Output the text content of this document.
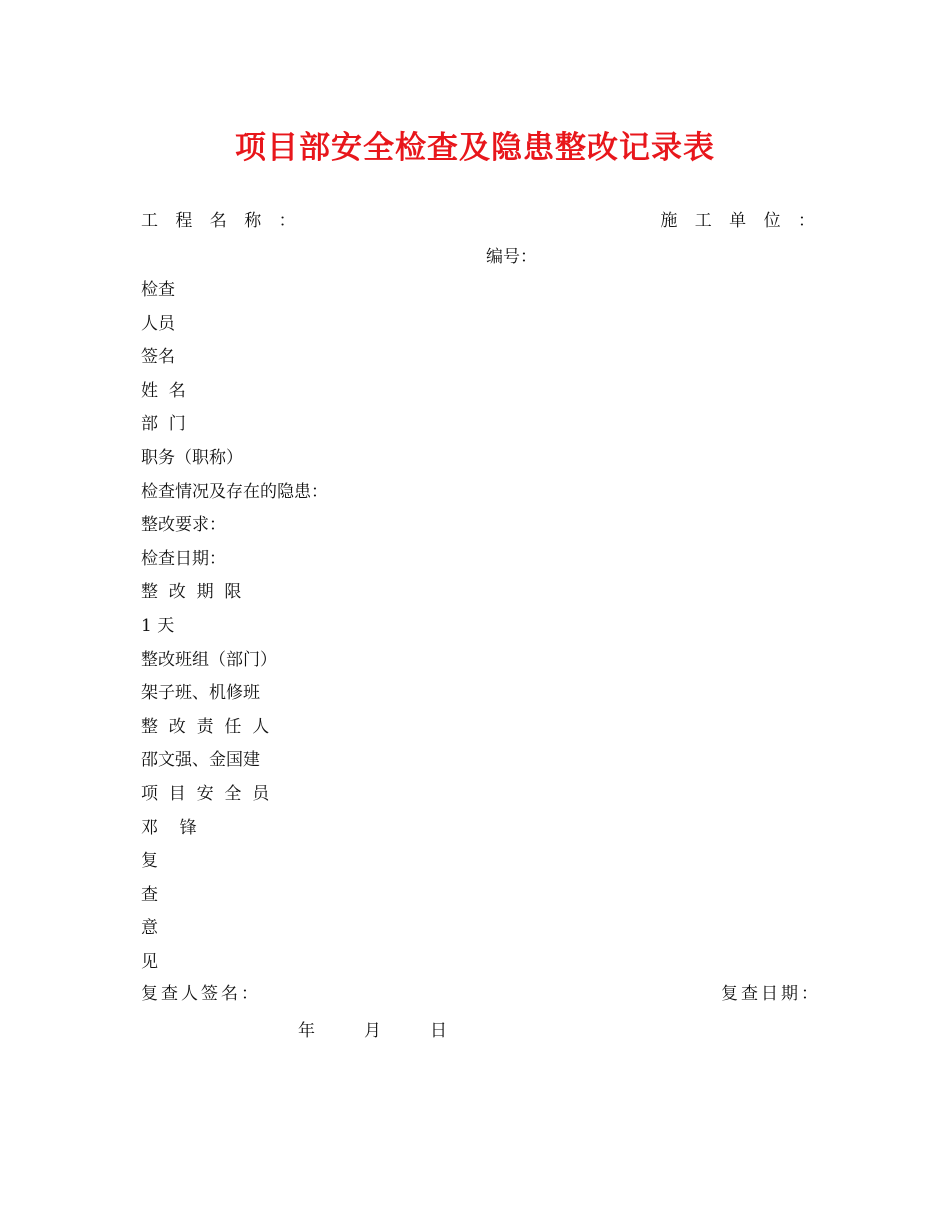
项目部安全检查及隐患整改记录表
工 程 名 称 ：	施 工 单 位 ：
编号：
检查
人员
签名
姓  名
部  门
职务（职称）
检查情况及存在的隐患：
整改要求：
检查日期：
整  改  期  限
1 天
整改班组（部门）
架子班、机修班
整  改  责  任  人
邵文强、金国建
项  目  安  全  员
邓    锋
复
查
意
见
复查人签名：	复查日期：
年	月	日
